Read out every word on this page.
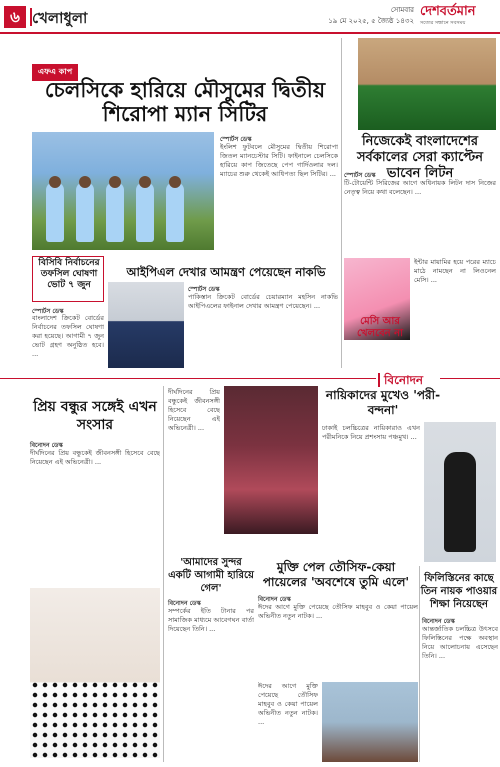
৬ খেলাধুলা	সোমবার
১৯ মে ২০২৫, ৫ জ্যৈষ্ঠ ১৪৩২
দেশবর্তমান
সত্যের সন্ধানে সবসময়
এফএ কাপ
চেলসিকে হারিয়ে মৌসুমের দ্বিতীয় শিরোপা ম্যান সিটির
স্পোর্টস ডেস্ক

ইংলিশ ফুটবলে মৌসুমের দ্বিতীয় শিরোপা জিতল ম্যানচেস্টার সিটি। ফাইনালে চেলসিকে হারিয়ে কাপ জিতেছে পেপ গার্দিওলার দল। ম্যাচের শুরু থেকেই আধিপত্য ছিল সিটির। ...

নিজেকেই বাংলাদেশের সর্বকালের সেরা ক্যাপ্টেন ভাবেন লিটন
স্পোর্টস ডেস্ক

টি-টোয়েন্টি সিরিজের আগে অধিনায়ক লিটন দাস নিজের নেতৃত্ব নিয়ে কথা বলেছেন। ...

মেসি আর খেলবেন না

ইন্টার মায়ামির হয়ে পরের ম্যাচে মাঠে নামছেন না লিওনেল মেসি। ...

বিসিবি নির্বাচনের তফসিল ঘোষণা ভোট ৭ জুন
স্পোর্টস ডেস্ক

বাংলাদেশ ক্রিকেট বোর্ডের নির্বাচনের তফসিল ঘোষণা করা হয়েছে। আগামী ৭ জুন ভোট গ্রহণ অনুষ্ঠিত হবে। ...

আইপিএল দেখার আমন্ত্রণ পেয়েছেন নাকভি
স্পোর্টস ডেস্ক

পাকিস্তান ক্রিকেট বোর্ডের চেয়ারম্যান মহসিন নাকভি আইপিএলের ফাইনাল দেখার আমন্ত্রণ পেয়েছেন। ...

বিনোদন
প্রিয় বন্ধুর সঙ্গেই এখন সংসার
বিনোদন ডেস্ক

দীর্ঘদিনের প্রিয় বন্ধুকেই জীবনসঙ্গী হিসেবে বেছে নিয়েছেন এই অভিনেত্রী। ...

দীর্ঘদিনের প্রিয় বন্ধুকেই জীবনসঙ্গী হিসেবে বেছে নিয়েছেন এই অভিনেত্রী। ...

'আমাদের সুন্দর একটি আগামী হারিয়ে গেল'
বিনোদন ডেস্ক

সম্পর্কের ইতি টানার পর সামাজিক মাধ্যমে আবেগঘন বার্তা দিয়েছেন তিনি। ...

নায়িকাদের মুখেও 'পরী-বন্দনা'

ঢাকাই চলচ্চিত্রের নায়িকারাও এখন পরীমনিকে নিয়ে প্রশংসায় পঞ্চমুখ। ...

মুক্তি পেল তৌসিফ-কেয়া পায়েলের 'অবশেষে তুমি এলে'
বিনোদন ডেস্ক

ঈদের আগে মুক্তি পেয়েছে তৌসিফ মাহবুব ও কেয়া পায়েল অভিনীত নতুন নাটক। ...

ঈদের আগে মুক্তি পেয়েছে তৌসিফ মাহবুব ও কেয়া পায়েল অভিনীত নতুন নাটক। ...

ফিলিস্তিনের কাছে তিন নায়ক পাওয়ার শিক্ষা নিয়েছেন
বিনোদন ডেস্ক

আন্তর্জাতিক চলচ্চিত্র উৎসবে ফিলিস্তিনের পক্ষে অবস্থান নিয়ে আলোচনায় এসেছেন তিনি। ...
